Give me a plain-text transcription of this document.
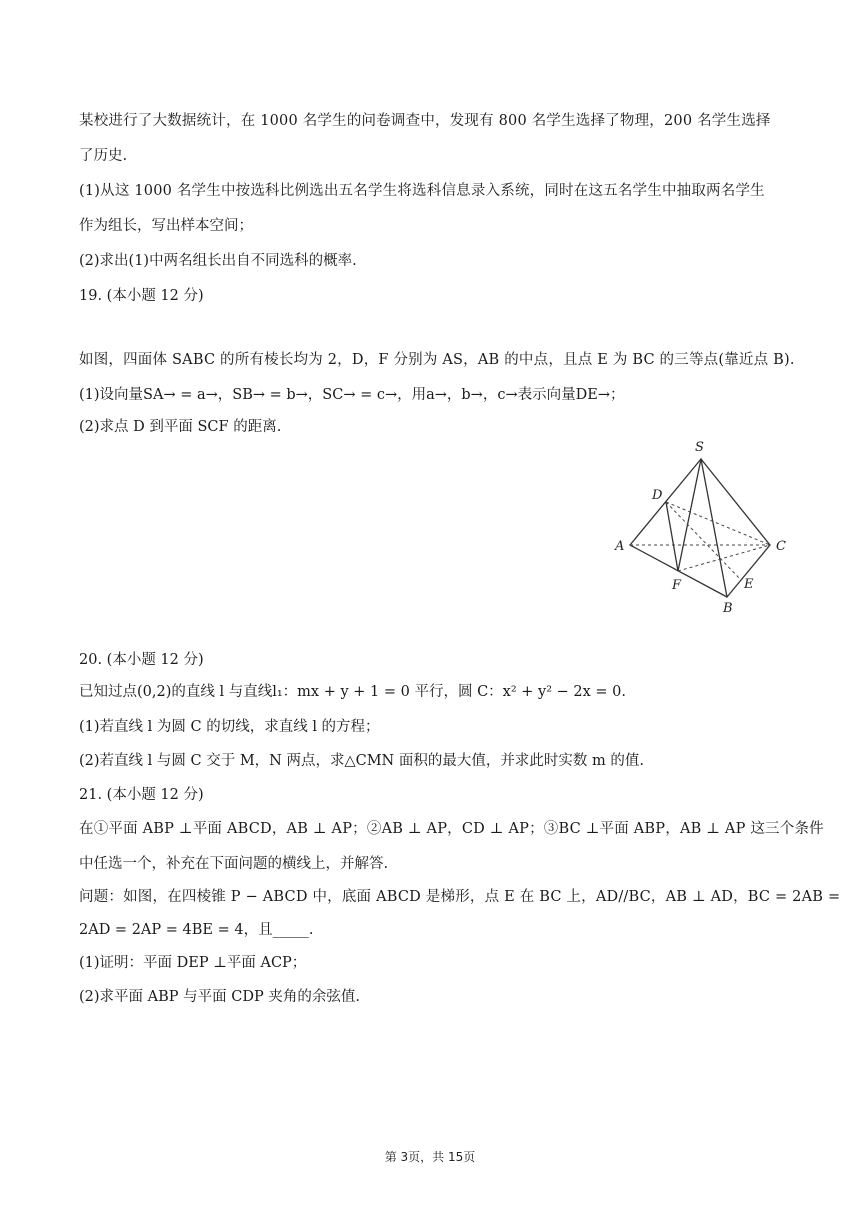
某校进行了大数据统计，在 1000 名学生的问卷调查中，发现有 800 名学生选择了物理，200 名学生选择
了历史.
(1)从这 1000 名学生中按选科比例选出五名学生将选科信息录入系统，同时在这五名学生中抽取两名学生
作为组长，写出样本空间；
(2)求出(1)中两名组长出自不同选科的概率.
19. (本小题 12 分)
如图，四面体 SABC 的所有棱长均为 2，D，F 分别为 AS，AB 的中点，且点 E 为 BC 的三等点(靠近点 B).
(1)设向量SA→ = a→，SB→ = b→，SC→ = c→，用a→，b→，c→表示向量DE→；
(2)求点 D 到平面 SCF 的距离.
S
D
A	C
F	E
B
20. (本小题 12 分)
已知过点(0,2)的直线 l 与直线l₁：mx + y + 1 = 0 平行，圆 C：x² + y² − 2x = 0.
(1)若直线 l 为圆 C 的切线，求直线 l 的方程；
(2)若直线 l 与圆 C 交于 M，N 两点，求△CMN 面积的最大值，并求此时实数 m 的值.
21. (本小题 12 分)
在①平面 ABP ⊥平面 ABCD，AB ⊥ AP；②AB ⊥ AP，CD ⊥ AP；③BC ⊥平面 ABP，AB ⊥ AP 这三个条件
中任选一个，补充在下面问题的横线上，并解答.
问题：如图，在四棱锥 P − ABCD 中，底面 ABCD 是梯形，点 E 在 BC 上，AD//BC，AB ⊥ AD，BC = 2AB =
2AD = 2AP = 4BE = 4，且_____.
(1)证明：平面 DEP ⊥平面 ACP；
(2)求平面 ABP 与平面 CDP 夹角的余弦值.
第 3页，共 15页
